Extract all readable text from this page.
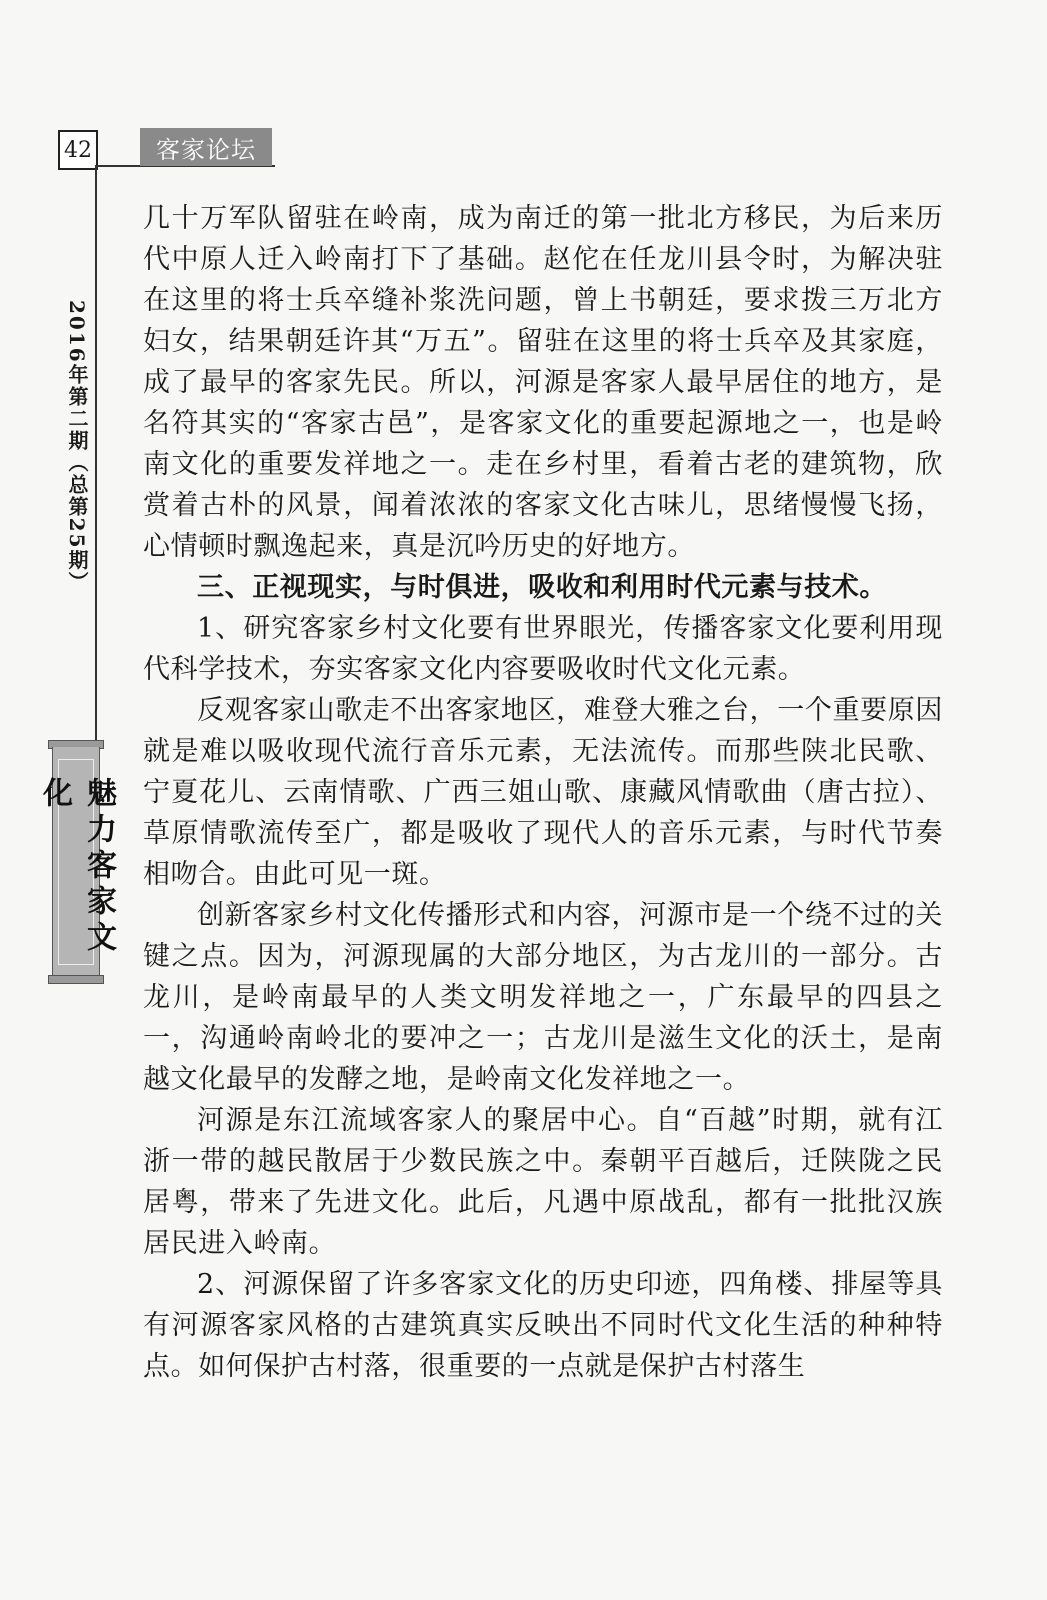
42	客家论坛
2016年第二期（总第25期）
魅力客家文化

几十万军队留驻在岭南，成为南迁的第一批北方移民，为后来历代中原人迁入岭南打下了基础。赵佗在任龙川县令时，为解决驻在这里的将士兵卒缝补浆洗问题，曾上书朝廷，要求拨三万北方妇女，结果朝廷许其“万五”。留驻在这里的将士兵卒及其家庭，成了最早的客家先民。所以，河源是客家人最早居住的地方，是名符其实的“客家古邑”，是客家文化的重要起源地之一，也是岭南文化的重要发祥地之一。走在乡村里，看着古老的建筑物，欣赏着古朴的风景，闻着浓浓的客家文化古味儿，思绪慢慢飞扬，心情顿时飘逸起来，真是沉吟历史的好地方。

三、正视现实，与时俱进，吸收和利用时代元素与技术。

1、研究客家乡村文化要有世界眼光，传播客家文化要利用现代科学技术，夯实客家文化内容要吸收时代文化元素。

反观客家山歌走不出客家地区，难登大雅之台，一个重要原因就是难以吸收现代流行音乐元素，无法流传。而那些陕北民歌、宁夏花儿、云南情歌、广西三姐山歌、康藏风情歌曲（唐古拉）、草原情歌流传至广，都是吸收了现代人的音乐元素，与时代节奏相吻合。由此可见一斑。

创新客家乡村文化传播形式和内容，河源市是一个绕不过的关键之点。因为，河源现属的大部分地区，为古龙川的一部分。古龙川，是岭南最早的人类文明发祥地之一，广东最早的四县之一，沟通岭南岭北的要冲之一；古龙川是滋生文化的沃土，是南越文化最早的发酵之地，是岭南文化发祥地之一。

河源是东江流域客家人的聚居中心。自“百越”时期，就有江浙一带的越民散居于少数民族之中。秦朝平百越后，迁陕陇之民居粤，带来了先进文化。此后，凡遇中原战乱，都有一批批汉族居民进入岭南。

2、河源保留了许多客家文化的历史印迹，四角楼、排屋等具有河源客家风格的古建筑真实反映出不同时代文化生活的种种特点。如何保护古村落，很重要的一点就是保护古村落生
